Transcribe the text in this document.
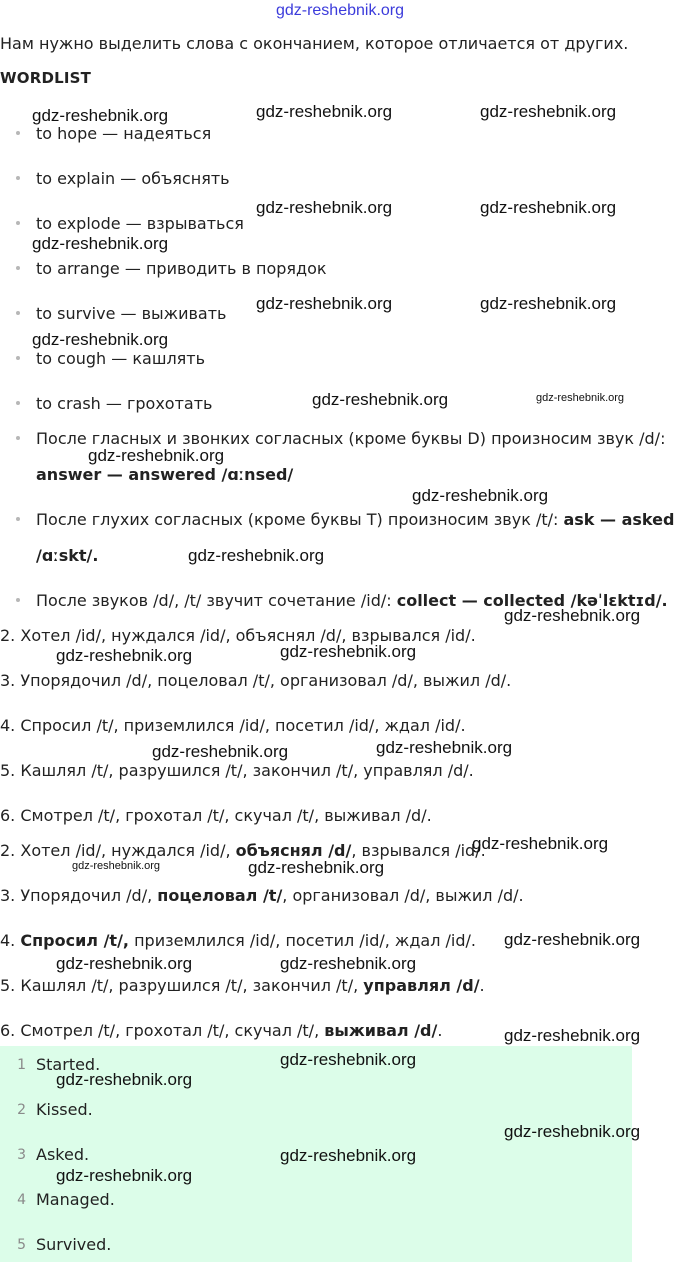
gdz-reshebnik.org
Нам нужно выделить слова с окончанием, которое отличается от других.
WORDLIST
to hope — надеяться
to explain — объяснять
to explode — взрываться
to arrange — приводить в порядок
to survive — выживать
to cough — кашлять
to crash — грохотать
После гласных и звонких согласных (кроме буквы D) произносим звук /d/:
answer — answered /ɑːnsed/
После глухих согласных (кроме буквы T) произносим звук /t/: ask — asked
/ɑːskt/.
После звуков /d/, /t/ звучит сочетание /id/: collect — collected /kəˈlɛktɪd/.
2. Хотел /id/, нуждался /id/, объяснял /d/, взрывался /id/.
3. Упорядочил /d/, поцеловал /t/, организовал /d/, выжил /d/.
4. Спросил /t/, приземлился /id/, посетил /id/, ждал /id/.
5. Кашлял /t/, разрушился /t/, закончил /t/, управлял /d/.
6. Смотрел /t/, грохотал /t/, скучал /t/, выживал /d/.
2. Хотел /id/, нуждался /id/, объяснял /d/, взрывался /id/.
3. Упорядочил /d/, поцеловал /t/, организовал /d/, выжил /d/.
4. Спросил /t/, приземлился /id/, посетил /id/, ждал /id/.
5. Кашлял /t/, разрушился /t/, закончил /t/, управлял /d/.
6. Смотрел /t/, грохотал /t/, скучал /t/, выживал /d/.
1 Started.
2 Kissed.
3 Asked.
4 Managed.
5 Survived.
gdz-reshebnik.org	gdz-reshebnik.org	gdz-reshebnik.org
gdz-reshebnik.org	gdz-reshebnik.org
gdz-reshebnik.org
gdz-reshebnik.org	gdz-reshebnik.org
gdz-reshebnik.org
gdz-reshebnik.org	gdz-reshebnik.org
gdz-reshebnik.org
gdz-reshebnik.org
gdz-reshebnik.org
gdz-reshebnik.org
gdz-reshebnik.org	gdz-reshebnik.org
gdz-reshebnik.org	gdz-reshebnik.org
gdz-reshebnik.org
gdz-reshebnik.org	gdz-reshebnik.org
gdz-reshebnik.org
gdz-reshebnik.org	gdz-reshebnik.org
gdz-reshebnik.org
gdz-reshebnik.org
gdz-reshebnik.org
gdz-reshebnik.org
gdz-reshebnik.org
gdz-reshebnik.org
